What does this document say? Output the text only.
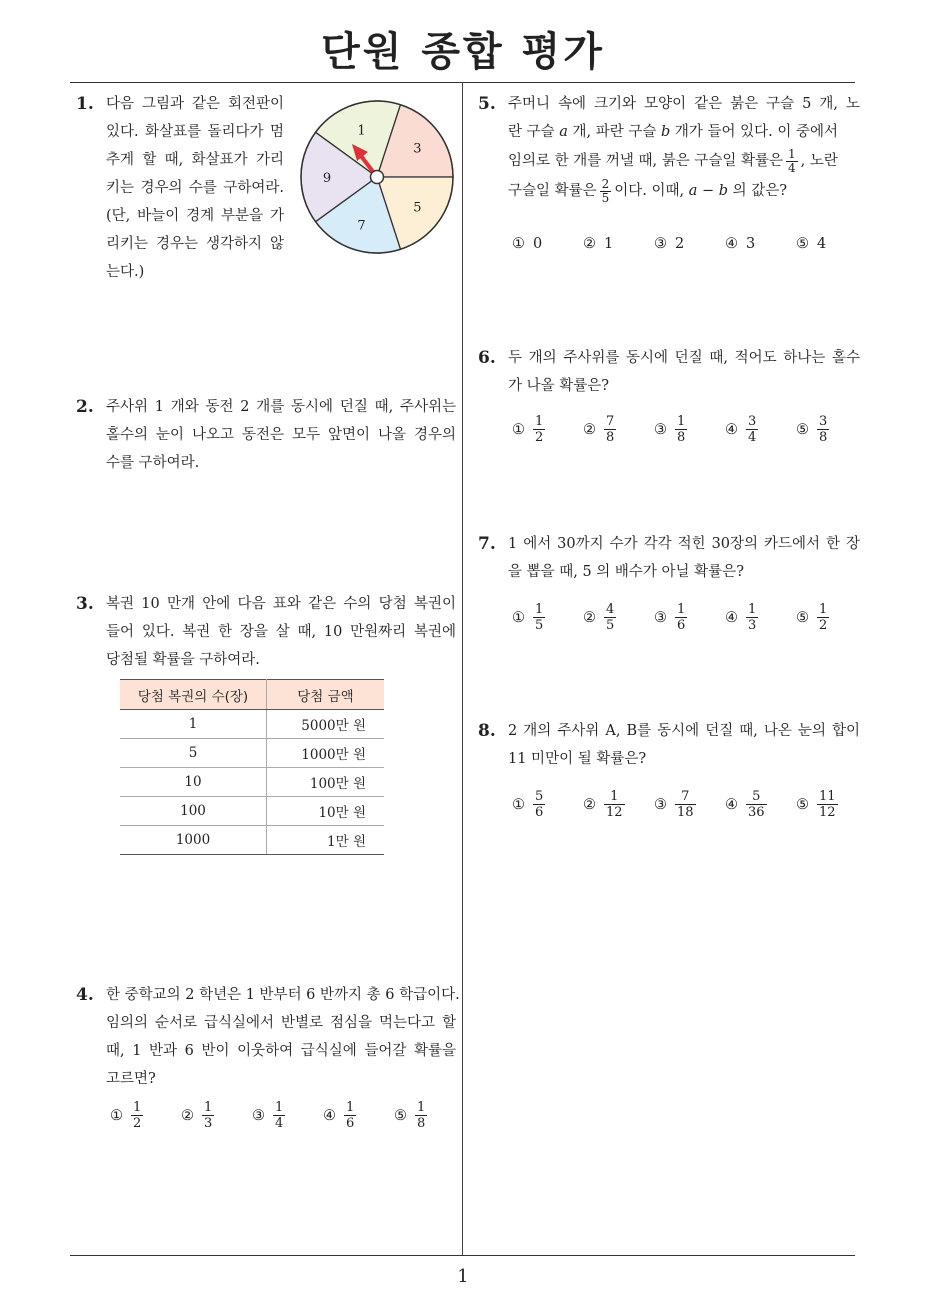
단원 종합 평가
1
1. 다음 그림과 같은 회전판이

있다. 화살표를 돌리다가 멈

추게 할 때, 화살표가 가리

키는 경우의 수를 구하여라.

(단, 바늘이 경계 부분을 가

리키는 경우는 생각하지 않

는다.)

1
3
5
7
9
2. 주사위 1 개와 동전 2 개를 동시에 던질 때, 주사위는

홀수의 눈이 나오고 동전은 모두 앞면이 나올 경우의

수를 구하여라.

3. 복권 10 만개 안에 다음 표와 같은 수의 당첨 복권이

들어 있다. 복권 한 장을 살 때, 10 만원짜리 복권에

당첨될 확률을 구하여라.

당첨 복권의 수(장)	당첨 금액
1	5000만 원
5	1000만 원
10	100만 원
100	10만 원
1000	1만 원
4. 한 중학교의 2 학년은 1 반부터 6 반까지 총 6 학급이다.

임의의 순서로 급식실에서 반별로 점심을 먹는다고 할

때, 1 반과 6 반이 이웃하여 급식실에 들어갈 확률을

고르면?

① $\frac{1}{2}$	② $\frac{1}{3}$	③ $\frac{1}{4}$	④ $\frac{1}{6}$	⑤ $\frac{1}{8}$
5. 주머니 속에 크기와 모양이 같은 붉은 구슬 5 개, 노

란 구슬 a 개, 파란 구슬 b 개가 들어 있다. 이 중에서

임의로 한 개를 꺼낼 때, 붉은 구슬일 확률은 $\frac{1}{4}$ , 노란

구슬일 확률은 $\frac{2}{5}$ 이다. 이때, a − b 의 값은?

① 0	② 1	③ 2	④ 3	⑤ 4
6. 두 개의 주사위를 동시에 던질 때, 적어도 하나는 홀수

가 나올 확률은?

① $\frac{1}{2}$	② $\frac{7}{8}$	③ $\frac{1}{8}$	④ $\frac{3}{4}$	⑤ $\frac{3}{8}$
7. 1 에서 30까지 수가 각각 적힌 30장의 카드에서 한 장

을 뽑을 때, 5 의 배수가 아닐 확률은?

① $\frac{1}{5}$	② $\frac{4}{5}$	③ $\frac{1}{6}$	④ $\frac{1}{3}$	⑤ $\frac{1}{2}$
8. 2 개의 주사위 A, B를 동시에 던질 때, 나온 눈의 합이

11 미만이 될 확률은?

① $\frac{5}{6}$	② $\frac{1}{12}$ ③ $\frac{7}{18}$ ④ $\frac{5}{36}$ ⑤ $\frac{11}{12}$
